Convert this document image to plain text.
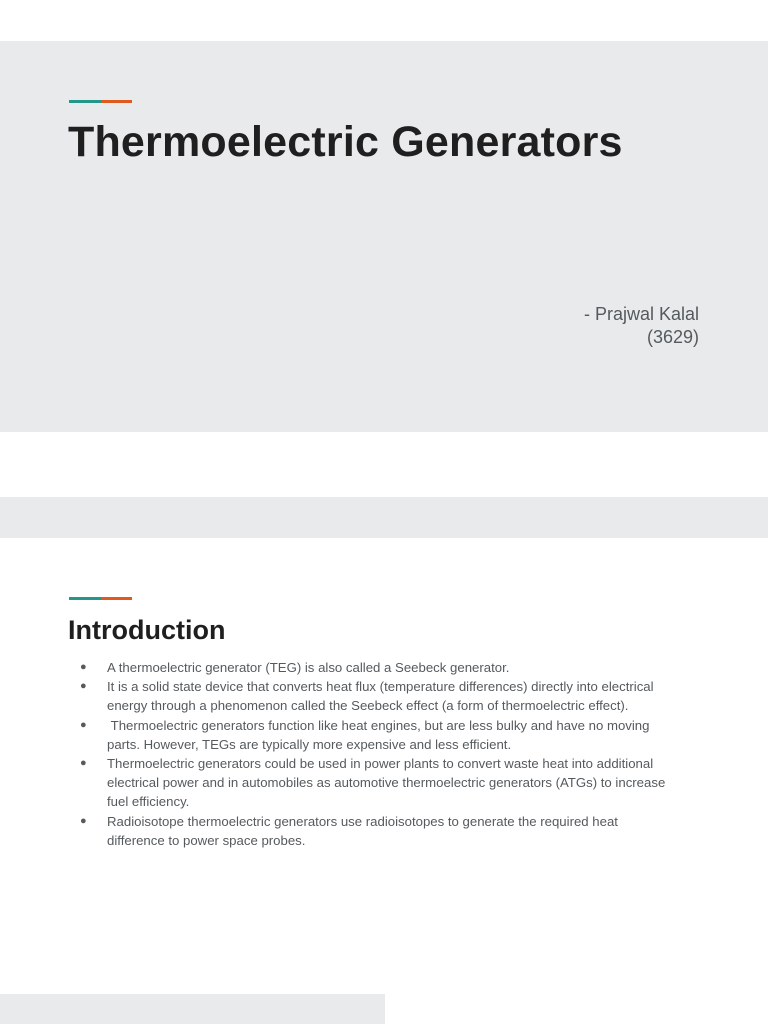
Thermoelectric Generators
- Prajwal Kalal
(3629)
Introduction
● A thermoelectric generator (TEG) is also called a Seebeck generator.
● It is a solid state device that converts heat flux (temperature differences) directly into electrical energy through a phenomenon called the Seebeck effect (a form of thermoelectric effect).
● Thermoelectric generators function like heat engines, but are less bulky and have no moving parts. However, TEGs are typically more expensive and less efficient.
● Thermoelectric generators could be used in power plants to convert waste heat into additional electrical power and in automobiles as automotive thermoelectric generators (ATGs) to increase fuel efficiency.
● Radioisotope thermoelectric generators use radioisotopes to generate the required heat difference to power space probes.
